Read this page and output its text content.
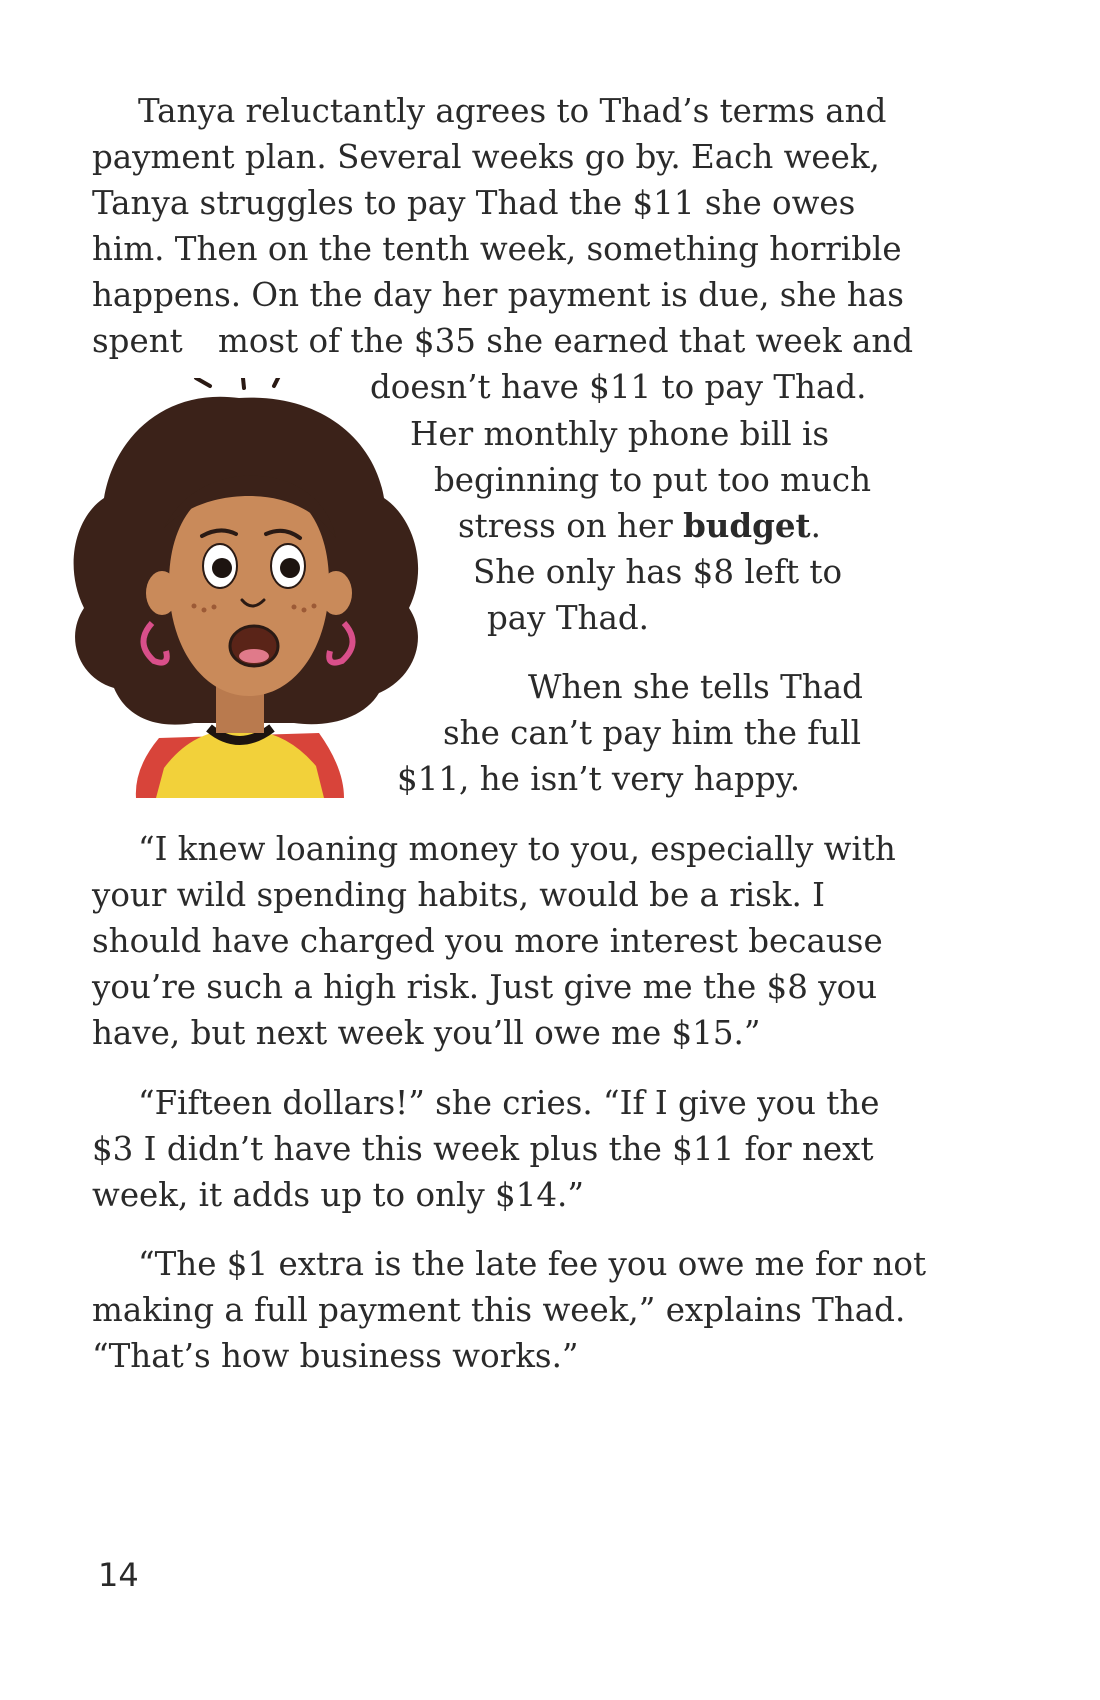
Tanya reluctantly agrees to Thad’s terms and
payment plan. Several weeks go by. Each week,
Tanya struggles to pay Thad the $11 she owes
him. Then on the tenth week, something horrible
happens. On the day her payment is due, she has
spent most of the $35 she earned that week and
doesn’t have $11 to pay Thad.
Her monthly phone bill is
beginning to put too much
stress on her budget.
She only has $8 left to
pay Thad.
When she tells Thad
she can’t pay him the full
$11, he isn’t very happy.
“I knew loaning money to you, especially with
your wild spending habits, would be a risk. I
should have charged you more interest because
you’re such a high risk. Just give me the $8 you
have, but next week you’ll owe me $15.”
“Fifteen dollars!” she cries. “If I give you the
$3 I didn’t have this week plus the $11 for next
week, it adds up to only $14.”
“The $1 extra is the late fee you owe me for not
making a full payment this week,” explains Thad.
“That’s how business works.”
14
